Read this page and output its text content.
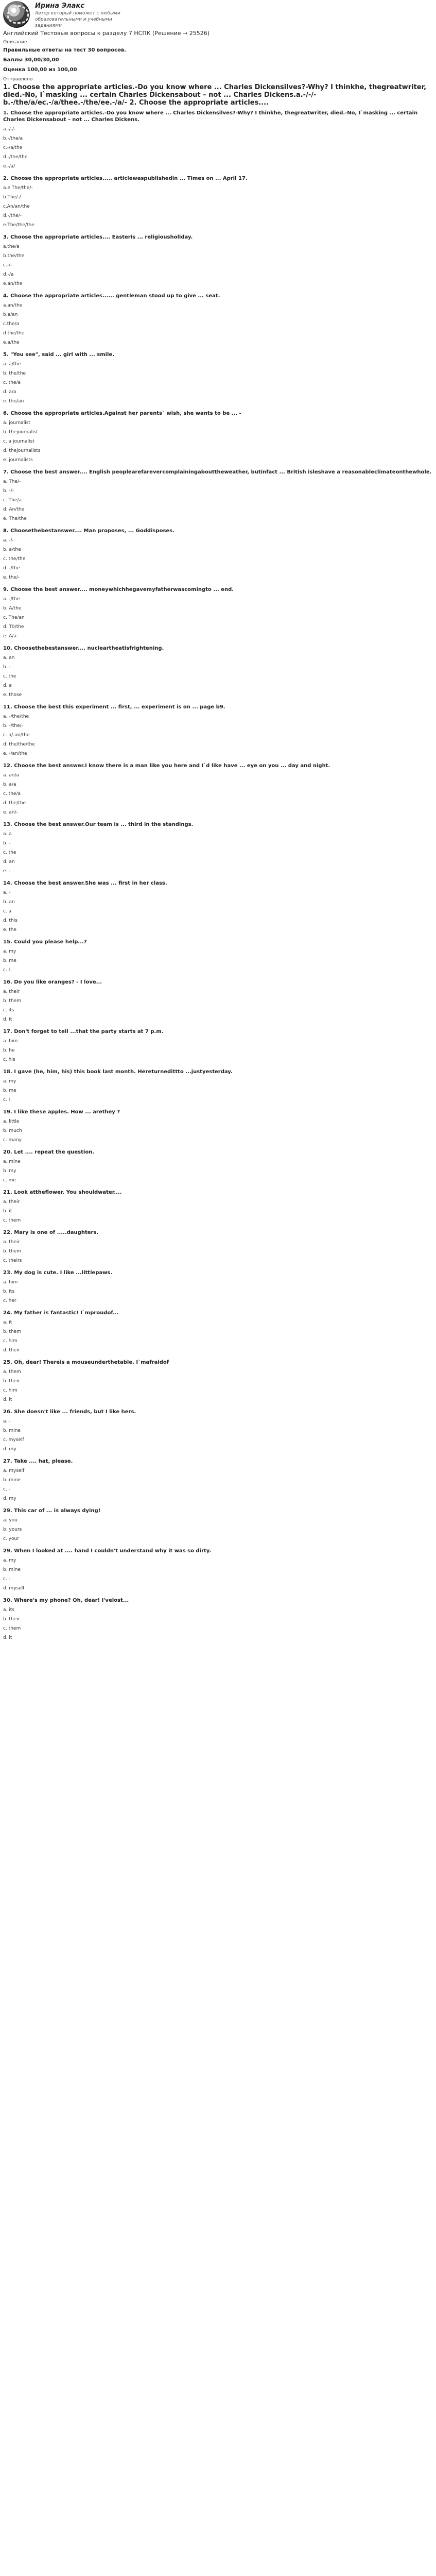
Ирина Элакс
Автор который поможет с любыми образовательными и учебными заданиями
Английский Тестовые вопросы к разделу 7 НСПК (Решение → 25526)
Описание
Правильные ответы на тест 30 вопросов.
Баллы 30,00/30,00
Оценка 100,00 из 100,00
Отправлено
1. Choose the appropriate articles.-Do you know where ... Charles Dickensilves?-Why? I thinkhe, thegreatwriter, died.-No, I`masking ... certain Charles Dickensabout – not ... Charles Dickens.a.-/-/-b.-/the/a/ec.-/a/thee.-/the/ee.-/a/- 2. Choose the appropriate articles....
1. Choose the appropriate articles.-Do you know where ... Charles Dickensilves?-Why? I thinkhe, thegreatwriter, died.-No, I`masking ... certain Charles Dickensabout – not ... Charles Dickens.
a.-/-/-
b.-/the/a
c.-/a/the
d.-/the/the
e.-/a/
2. Choose the appropriate articles..... articlewaspublishedin ... Times on ... April 17.
a.e The/the/-
b.The/-/
c.An/an/the
d.-/the/-
e.The/the/the
3. Choose the appropriate articles.... Easteris ... religiousholiday.
a.the/a
b.the/the
c.-/-
d.-/a
e.an/the
4. Choose the appropriate articles...... gentleman stood up to give ... seat.
a.an/the
b.a/an
c.the/a
d.the/the
e.a/the
5. "You see", said ... girl with ... smile.
a. a/the
b. the/the
c. the/a
d. a/a
e. the/an
6. Choose the appropriate articles.Against her parents` wish, she wants to be ... -
a. journalist
b. thejournalist
c. a journalist
d. thejournalists
e. journalists
7. Choose the best answer.... English peoplearefarevercomplainingabouttheweather, butinfact ... British isleshave a reasonableclimateonthewhole.
a. The/-
b. -/-
c. The/a
d. An/the
e. The/the
8. Choosethebestanswer.... Man proposes, ... Goddisposes.
a. -/-
b. a/the
c. the/the
d. -/the
e. the/-
9. Choose the best answer.... moneywhichhegavemyfatherwascomingto ... end.
a. -/the
b. A/the
c. The/an
d. T0/the
e. A/a
10. Choosethebestanswer.... nucleartheatisfrightening.
a. an
b. -
c. the
d. a
e. those
11. Choose the best this experiment ... first, ... experiment is on ... page b9.
a. -/the/the
b. -/the/-
c. a/-an/the
d. the/the/the
e. -/an/the
12. Choose the best answer.I know there is a man like you here and I`d like have ... eye on you ... day and night.
a. an/a
b. a/a
c. the/a
d. the/the
e. an/-
13. Choose the best answer.Our team is ... third in the standings.
a. a
b. -
c. the
d. an
e. -
14. Choose the best answer.She was ... first in her class.
a. -
b. an
c. a
d. this
e. the
15. Could you please help...?
a. my
b. me
c. I
16. Do you like oranges? - I love...
a. their
b. them
c. its
d. it
17. Don't forget to tell ...that the party starts at 7 p.m.
a. him
b. he
c. his
18. I gave (he, him, his) this book last month. Hereturnedittto ...justyesterday.
a. my
b. me
c. I
19. I like these apples. How ... arethey ?
a. little
b. much
c. many
20. Let .... repeat the question.
a. mine
b. my
c. me
21. Look attheflower. You shouldwater....
a. their
b. it
c. them
22. Mary is one of .....daughters.
a. their
b. them
c. theirs
23. My dog is cute. I like ...littlepaws.
a. him
b. its
c. her
24. My father is fantastic! I`mproudof...
a. it
b. them
c. him
d. their
25. Oh, dear! Thereis a mouseunderthetable. I`mafraidof
a. them
b. their
c. him
d. it
26. She doesn't like ... friends, but I like hers.
a. -
b. mine
c. myself
d. my
27. Take .... hat, please.
a. myself
b. mine
c. -
d. my
29. This car of ... is always dying!
a. you
b. yours
c. your
29. When I looked at .... hand I couldn't understand why it was so dirty.
a. my
b. mine
c. -
d. myself
30. Where's my phone? Oh, dear! I'velost...
a. its
b. their
c. them
d. it
